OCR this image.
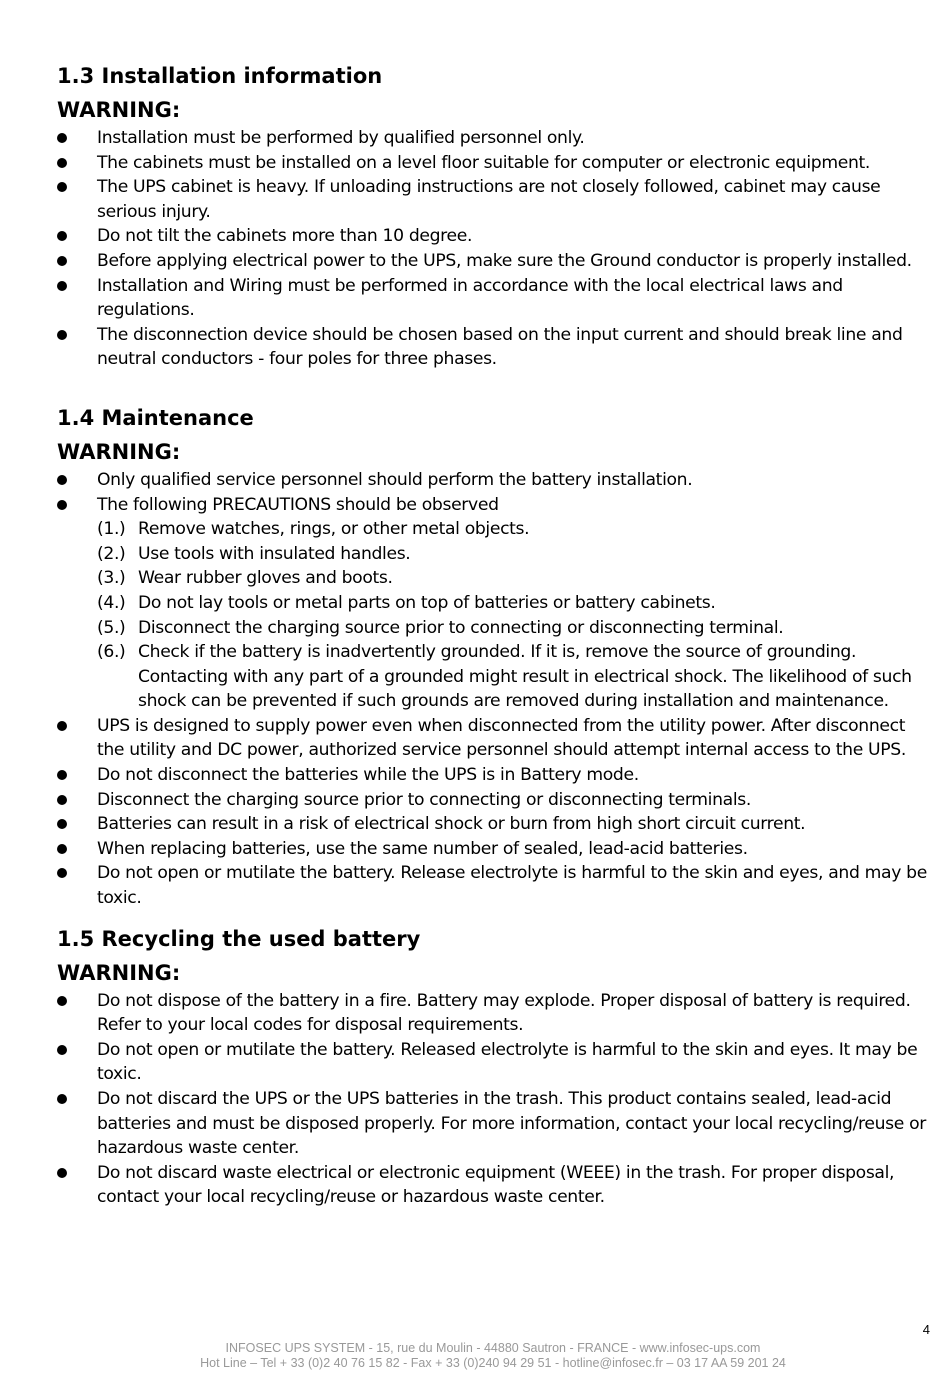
1.3 Installation information
WARNING:
Installation must be performed by qualified personnel only.
The cabinets must be installed on a level floor suitable for computer or electronic equipment.
The UPS cabinet is heavy. If unloading instructions are not closely followed, cabinet may cause serious injury.
Do not tilt the cabinets more than 10 degree.
Before applying electrical power to the UPS, make sure the Ground conductor is properly installed.
Installation and Wiring must be performed in accordance with the local electrical laws and regulations.
The disconnection device should be chosen based on the input current and should break line and neutral conductors - four poles for three phases.
1.4 Maintenance
WARNING:
Only qualified service personnel should perform the battery installation.
The following PRECAUTIONS should be observed
(1.) Remove watches, rings, or other metal objects.
(2.) Use tools with insulated handles.
(3.) Wear rubber gloves and boots.
(4.) Do not lay tools or metal parts on top of batteries or battery cabinets.
(5.) Disconnect the charging source prior to connecting or disconnecting terminal.
(6.) Check if the battery is inadvertently grounded. If it is, remove the source of grounding. Contacting with any part of a grounded might result in electrical shock. The likelihood of such shock can be prevented if such grounds are removed during installation and maintenance.
UPS is designed to supply power even when disconnected from the utility power. After disconnect the utility and DC power, authorized service personnel should attempt internal access to the UPS.
Do not disconnect the batteries while the UPS is in Battery mode.
Disconnect the charging source prior to connecting or disconnecting terminals.
Batteries can result in a risk of electrical shock or burn from high short circuit current.
When replacing batteries, use the same number of sealed, lead-acid batteries.
Do not open or mutilate the battery. Release electrolyte is harmful to the skin and eyes, and may be toxic.
1.5 Recycling the used battery
WARNING:
Do not dispose of the battery in a fire. Battery may explode. Proper disposal of battery is required. Refer to your local codes for disposal requirements.
Do not open or mutilate the battery. Released electrolyte is harmful to the skin and eyes. It may be toxic.
Do not discard the UPS or the UPS batteries in the trash. This product contains sealed, lead-acid batteries and must be disposed properly. For more information, contact your local recycling/reuse or hazardous waste center.
Do not discard waste electrical or electronic equipment (WEEE) in the trash. For proper disposal, contact your local recycling/reuse or hazardous waste center.
4
INFOSEC UPS SYSTEM - 15, rue du Moulin - 44880 Sautron - FRANCE - www.infosec-ups.com
Hot Line – Tel + 33 (0)2 40 76 15 82 - Fax + 33 (0)240 94 29 51 - hotline@infosec.fr – 03 17 AA 59 201 24
